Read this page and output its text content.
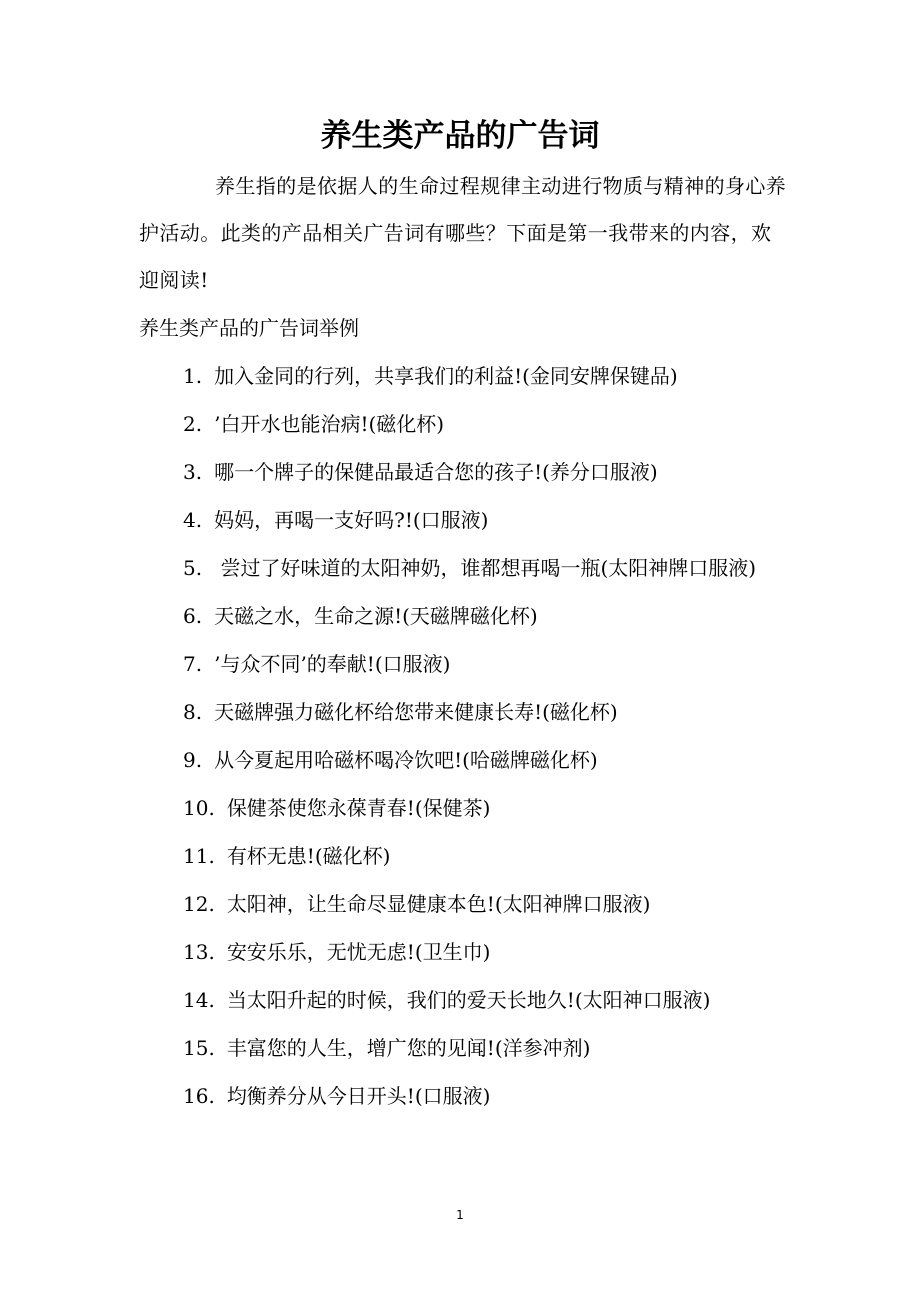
养生类产品的广告词
养生指的是依据人的生命过程规律主动进行物质与精神的身心养护活动。此类的产品相关广告词有哪些？下面是第一我带来的内容，欢迎阅读!
养生类产品的广告词举例
1. 加入金同的行列，共享我们的利益!(金同安牌保键品)
2. ’白开水也能治病!(磁化杯)
3. 哪一个牌子的保健品最适合您的孩子!(养分口服液)
4. 妈妈，再喝一支好吗?!(口服液)
5. 尝过了好味道的太阳神奶，谁都想再喝一瓶(太阳神牌口服液)
6. 天磁之水，生命之源!(天磁牌磁化杯)
7. ’与众不同’的奉献!(口服液)
8. 天磁牌强力磁化杯给您带来健康长寿!(磁化杯)
9. 从今夏起用哈磁杯喝冷饮吧!(哈磁牌磁化杯)
10. 保健茶使您永葆青春!(保健茶)
11. 有杯无患!(磁化杯)
12. 太阳神，让生命尽显健康本色!(太阳神牌口服液)
13. 安安乐乐，无忧无虑!(卫生巾)
14. 当太阳升起的时候，我们的爱天长地久!(太阳神口服液)
15. 丰富您的人生，增广您的见闻!(洋参冲剂)
16. 均衡养分从今日开头!(口服液)
1
